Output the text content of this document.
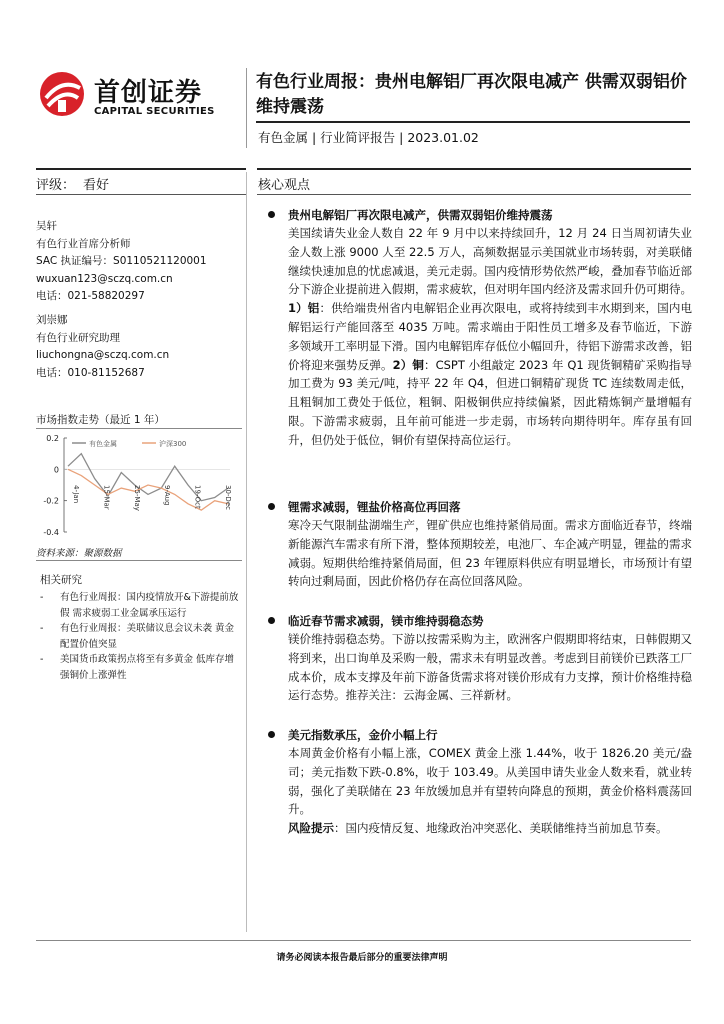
首创证券
CAPITAL SECURITIES
有色行业周报：贵州电解铝厂再次限电减产 供需双弱铝价维持震荡
有色金属 | 行业简评报告 | 2023.01.02
评级： 看好	核心观点
吴轩
有色行业首席分析师
SAC 执证编号：S0110521120001
wuxuan123@sczq.com.cn
电话：021-58820297
刘崇娜
有色行业研究助理
liuchongna@sczq.com.cn
电话：010-81152687
市场指数走势（最近 1 年）
0.2
0
-0.2
-0.4
有色金属	沪深300
4-Jan	15-Mar	25-May	9-Aug	19-Oct	30-Dec
资料来源：聚源数据
相关研究
- 有色行业周报：国内疫情放开&下游提前放假 需求疲弱工业金属承压运行
- 有色行业周报：美联储议息会议未袭 黄金配置价值突显
- 美国货币政策拐点将至有多黄金 低库存增强铜价上涨弹性
贵州电解铝厂再次限电减产，供需双弱铝价维持震荡
美国续请失业金人数自 22 年 9 月中以来持续回升，12 月 24 日当周初请失业金人数上涨 9000 人至 22.5 万人，高频数据显示美国就业市场转弱，对美联储继续快速加息的忧虑减退，美元走弱。国内疫情形势依然严峻，叠加春节临近部分下游企业提前进入假期，需求疲软，但对明年国内经济及需求回升仍可期待。1）铝：供给端贵州省内电解铝企业再次限电，或将持续到丰水期到来，国内电解铝运行产能回落至 4035 万吨。需求端由于阳性员工增多及春节临近，下游多领域开工率明显下滑。国内电解铝库存低位小幅回升，待铝下游需求改善，铝价将迎来强势反弹。2）铜：CSPT 小组敲定 2023 年 Q1 现货铜精矿采购指导加工费为 93 美元/吨，持平 22 年 Q4，但进口铜精矿现货 TC 连续数周走低，且粗铜加工费处于低位，粗铜、阳极铜供应持续偏紧，因此精炼铜产量增幅有限。下游需求疲弱，且年前可能进一步走弱，市场转向期待明年。库存虽有回升，但仍处于低位，铜价有望保持高位运行。
锂需求减弱，锂盐价格高位再回落
寒冷天气限制盐湖端生产，锂矿供应也维持紧俏局面。需求方面临近春节，终端新能源汽车需求有所下滑，整体预期较差，电池厂、车企减产明显，锂盐的需求减弱。短期供给维持紧俏局面，但 23 年锂原料供应有明显增长，市场预计有望转向过剩局面，因此价格仍存在高位回落风险。
临近春节需求减弱，镁市维持弱稳态势
镁价维持弱稳态势。下游以按需采购为主，欧洲客户假期即将结束，日韩假期又将到来，出口询单及采购一般，需求未有明显改善。考虑到目前镁价已跌落工厂成本价，成本支撑及年前下游备货需求将对镁价形成有力支撑，预计价格维持稳运行态势。推荐关注：云海金属、三祥新材。
美元指数承压，金价小幅上行
本周黄金价格有小幅上涨，COMEX 黄金上涨 1.44%，收于 1826.20 美元/盎司；美元指数下跌-0.8%，收于 103.49。从美国申请失业金人数来看，就业转弱，强化了美联储在 23 年放缓加息并有望转向降息的预期，黄金价格料震荡回升。
风险提示：国内疫情反复、地缘政治冲突恶化、美联储维持当前加息节奏。
请务必阅读本报告最后部分的重要法律声明
